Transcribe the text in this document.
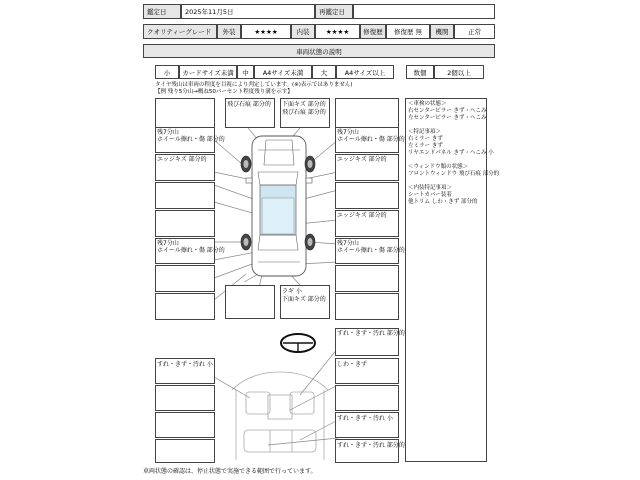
鑑定日	2025年11月5日	再鑑定日
クオリティーグレード	外装	★★★★	内装	★★★★	修復歴	修復歴 無	機関	正常
車両状態の説明
小	カードサイズ未満	中	A4サイズ未満	大	A4サイズ以上	数個	2個以上
タイヤ残山は車両の程度を目視により判定しています。(※)表示ではありません)
【例 残り5分山→概ね50パーセント程度残り溝を示す】
飛び石痕 部分的 下面キズ 部分的
飛び石痕 部分的
残7分山
ホイール擦れ・傷 部分的
エッジキズ 部分的
残7分山
ホイール擦れ・傷 部分的
ラギ 小
下面キズ 部分的
残7分山
ホイール擦れ・傷 部分的
エッジキズ 部分的
エッジキズ 部分的
残7分山
ホイール擦れ・傷 部分的
＜車検の状態＞
右センターピラー きず・へこみ
左センターピラー きず・へこみ

＜特記事項＞
右ミラー きず
左ミラー きず
リヤエンドパネル きず・へこみ 小

＜ウィンドウ類の状態＞
フロントウィンドウ 飛び石痕 部分的

＜内装特記事項＞
シートカバー装着
他トリム しわ・きず 部分的
すれ・きず・汚れ 部分的
すれ・きず・汚れ 小	しわ・きず
すれ・きず・汚れ 小
すれ・きず・汚れ 部分的
車両状態の確認は、停止状態で実施できる範囲で行っています。
